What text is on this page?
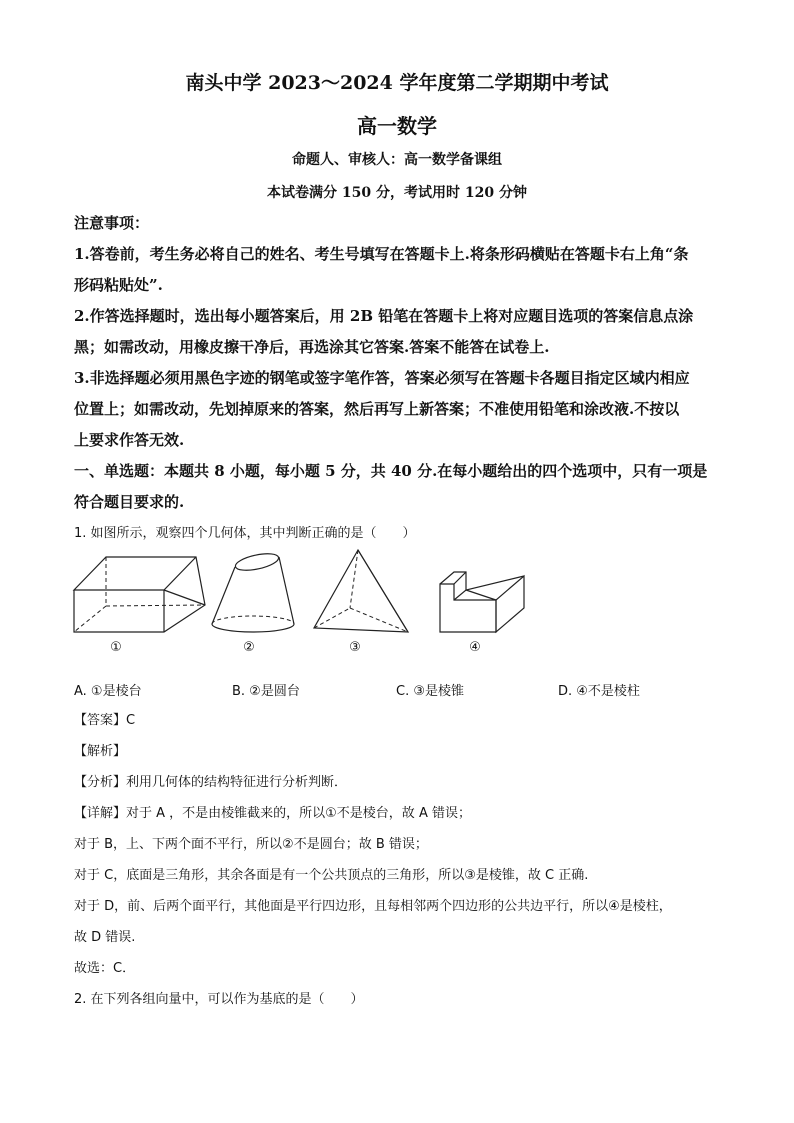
南头中学 2023～2024 学年度第二学期期中考试
高一数学
命题人、审核人：高一数学备课组
本试卷满分 150 分，考试用时 120 分钟
注意事项：
1.答卷前，考生务必将自己的姓名、考生号填写在答题卡上.将条形码横贴在答题卡右上角“条
形码粘贴处”.
2.作答选择题时，选出每小题答案后，用 2B 铅笔在答题卡上将对应题目选项的答案信息点涂
黑；如需改动，用橡皮擦干净后，再选涂其它答案.答案不能答在试卷上.
3.非选择题必须用黑色字迹的钢笔或签字笔作答，答案必须写在答题卡各题目指定区域内相应
位置上；如需改动，先划掉原来的答案，然后再写上新答案；不准使用铅笔和涂改液.不按以
上要求作答无效.
一、单选题：本题共 8 小题，每小题 5 分，共 40 分.在每小题给出的四个选项中，只有一项是
符合题目要求的.
1. 如图所示，观察四个几何体，其中判断正确的是（　　）
①	②	③	④
A. ①是棱台	B. ②是圆台	C. ③是棱锥	D. ④不是棱柱
【答案】C
【解析】
【分析】利用几何体的结构特征进行分析判断．
【详解】对于 A ，不是由棱锥截来的，所以①不是棱台，故 A 错误；
对于 B，上、下两个面不平行，所以②不是圆台；故 B 错误；
对于 C，底面是三角形，其余各面是有一个公共顶点的三角形，所以③是棱锥，故 C 正确.
对于 D，前、后两个面平行，其他面是平行四边形，且每相邻两个四边形的公共边平行，所以④是棱柱，
故 D 错误.
故选：C．
2. 在下列各组向量中，可以作为基底的是（　　）
